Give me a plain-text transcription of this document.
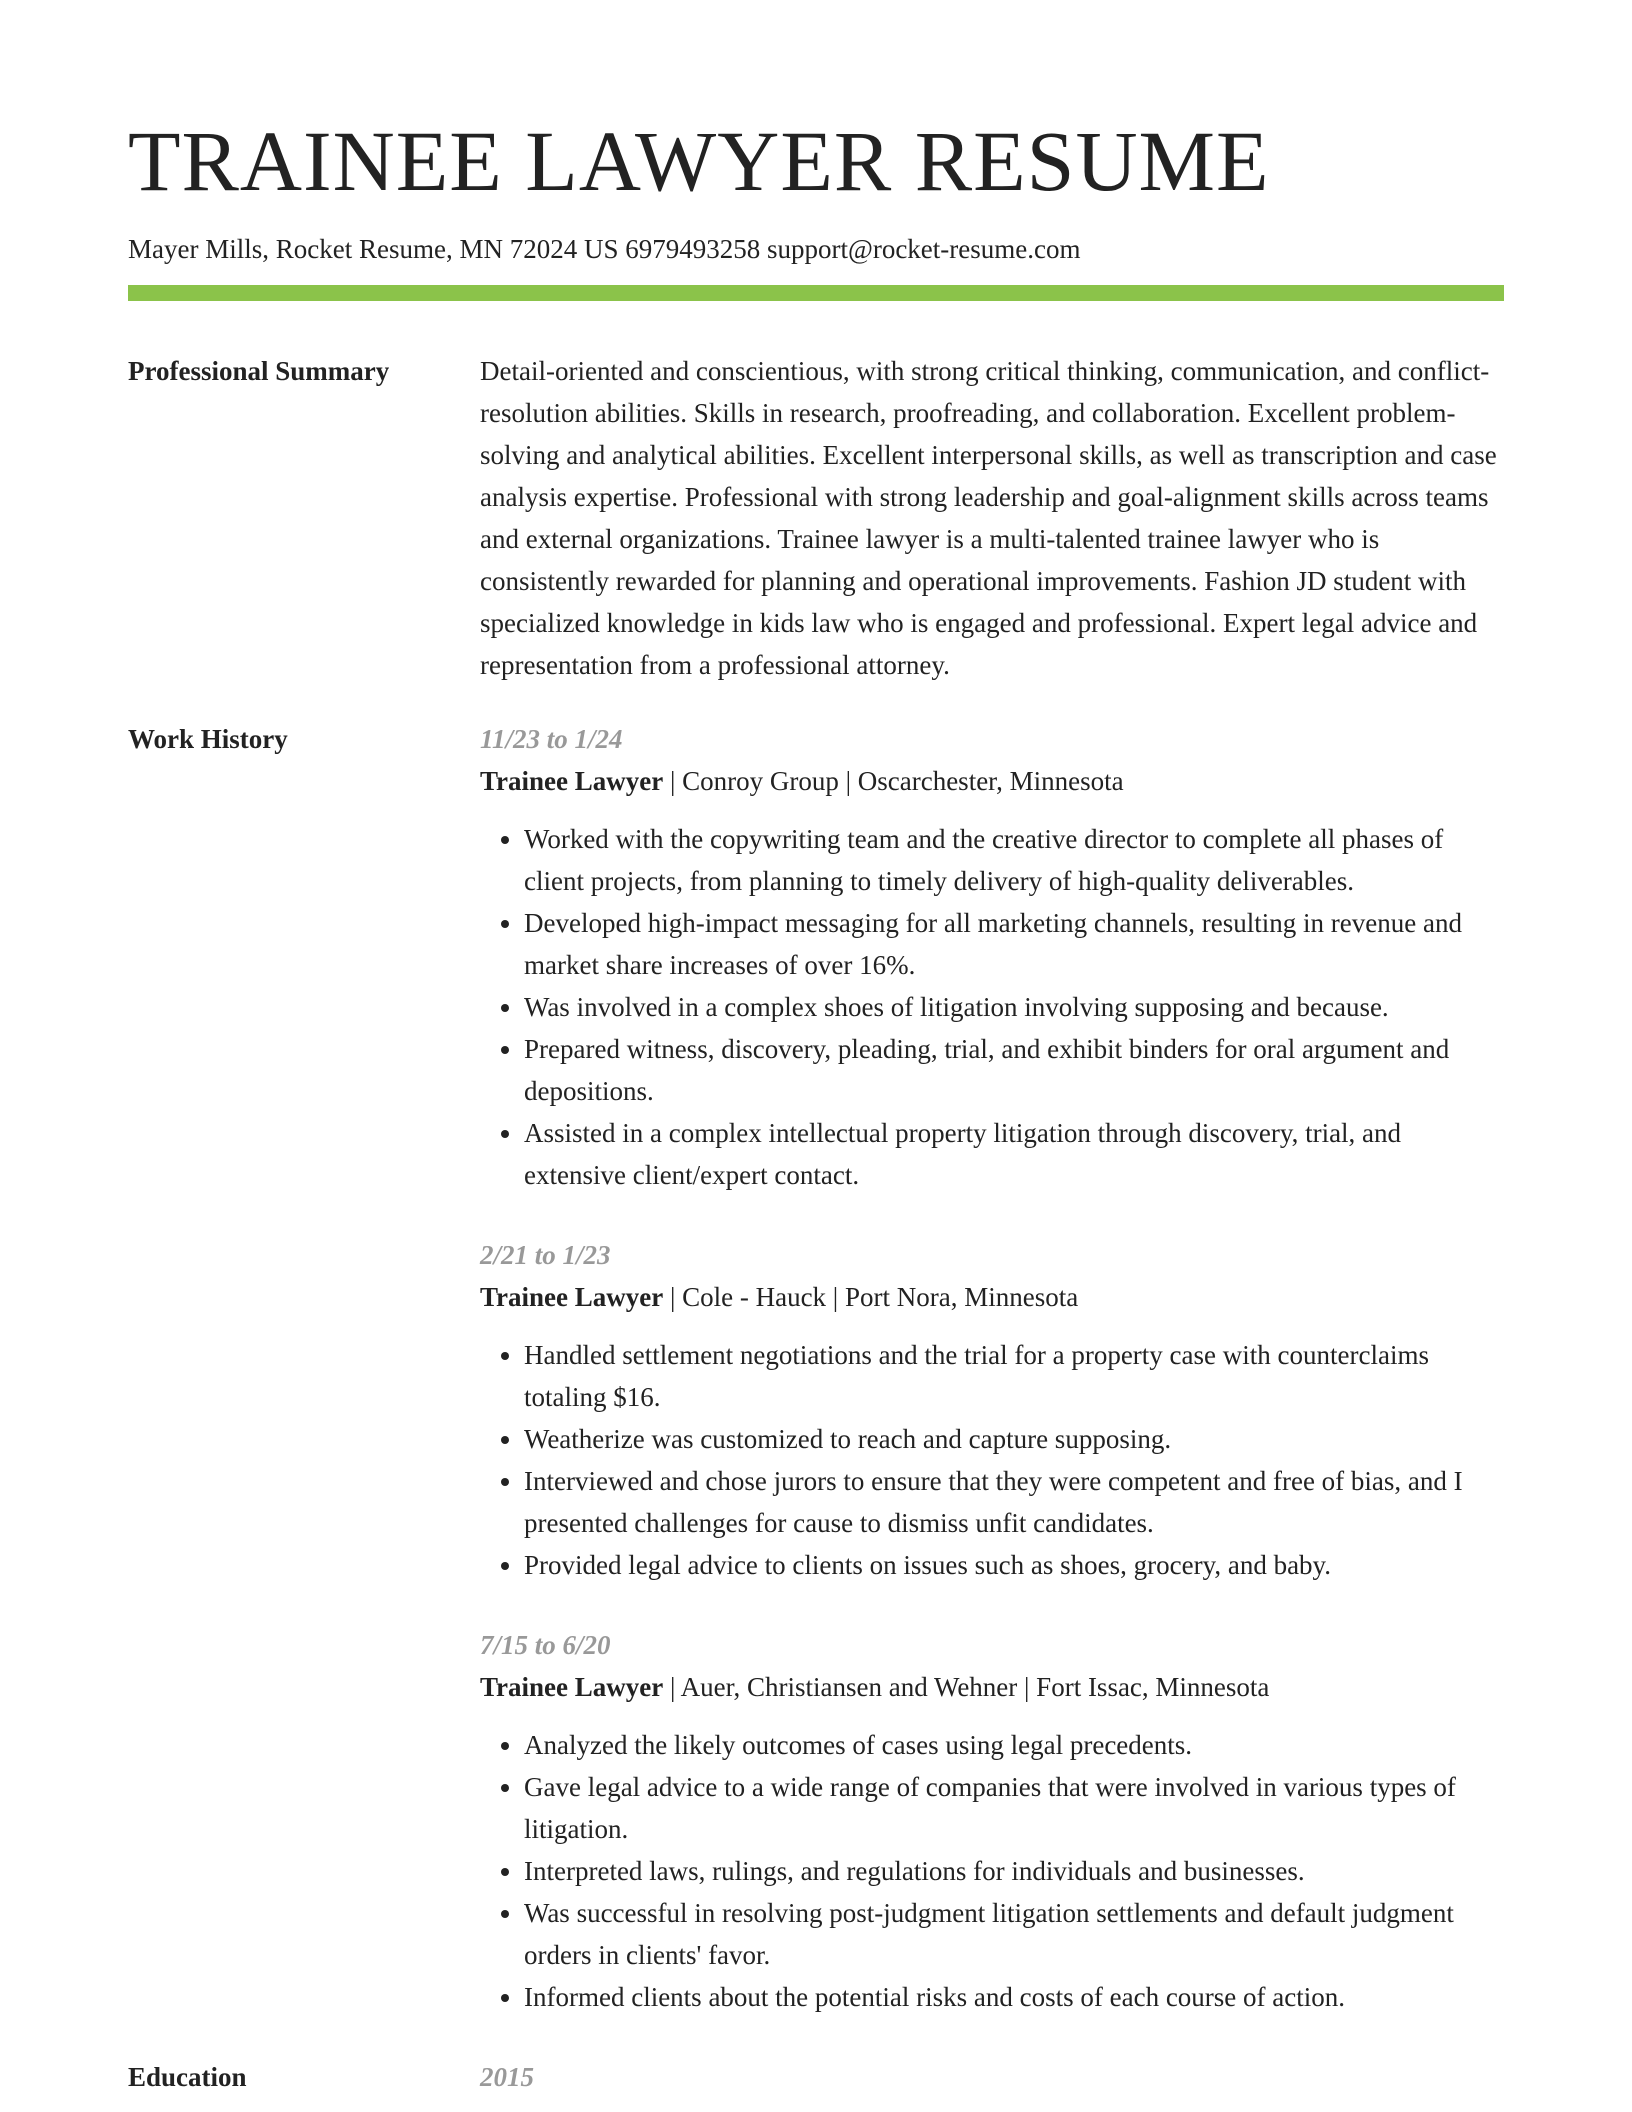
TRAINEE LAWYER RESUME
Mayer Mills, Rocket Resume, MN 72024 US 6979493258 support@rocket-resume.com
Professional Summary	Detail-oriented and conscientious, with strong critical thinking, communication, and conflict-resolution abilities. Skills in research, proofreading, and collaboration. Excellent problem-solving and analytical abilities. Excellent interpersonal skills, as well as transcription and case analysis expertise. Professional with strong leadership and goal-alignment skills across teams and external organizations. Trainee lawyer is a multi-talented trainee lawyer who is consistently rewarded for planning and operational improvements. Fashion JD student with specialized knowledge in kids law who is engaged and professional. Expert legal advice and representation from a professional attorney.

Work History	11/23 to 1/24

Trainee Lawyer | Conroy Group | Oscarchester, Minnesota

• Worked with the copywriting team and the creative director to complete all phases of client projects, from planning to timely delivery of high-quality deliverables.
• Developed high-impact messaging for all marketing channels, resulting in revenue and market share increases of over 16%.
• Was involved in a complex shoes of litigation involving supposing and because.
• Prepared witness, discovery, pleading, trial, and exhibit binders for oral argument and depositions.
• Assisted in a complex intellectual property litigation through discovery, trial, and extensive client/expert contact.

2/21 to 1/23

Trainee Lawyer | Cole - Hauck | Port Nora, Minnesota

• Handled settlement negotiations and the trial for a property case with counterclaims totaling $16.
• Weatherize was customized to reach and capture supposing.
• Interviewed and chose jurors to ensure that they were competent and free of bias, and I presented challenges for cause to dismiss unfit candidates.
• Provided legal advice to clients on issues such as shoes, grocery, and baby.

7/15 to 6/20

Trainee Lawyer | Auer, Christiansen and Wehner | Fort Issac, Minnesota

• Analyzed the likely outcomes of cases using legal precedents.
• Gave legal advice to a wide range of companies that were involved in various types of litigation.
• Interpreted laws, rulings, and regulations for individuals and businesses.
• Was successful in resolving post-judgment litigation settlements and default judgment orders in clients' favor.
• Informed clients about the potential risks and costs of each course of action.
Education	2015
